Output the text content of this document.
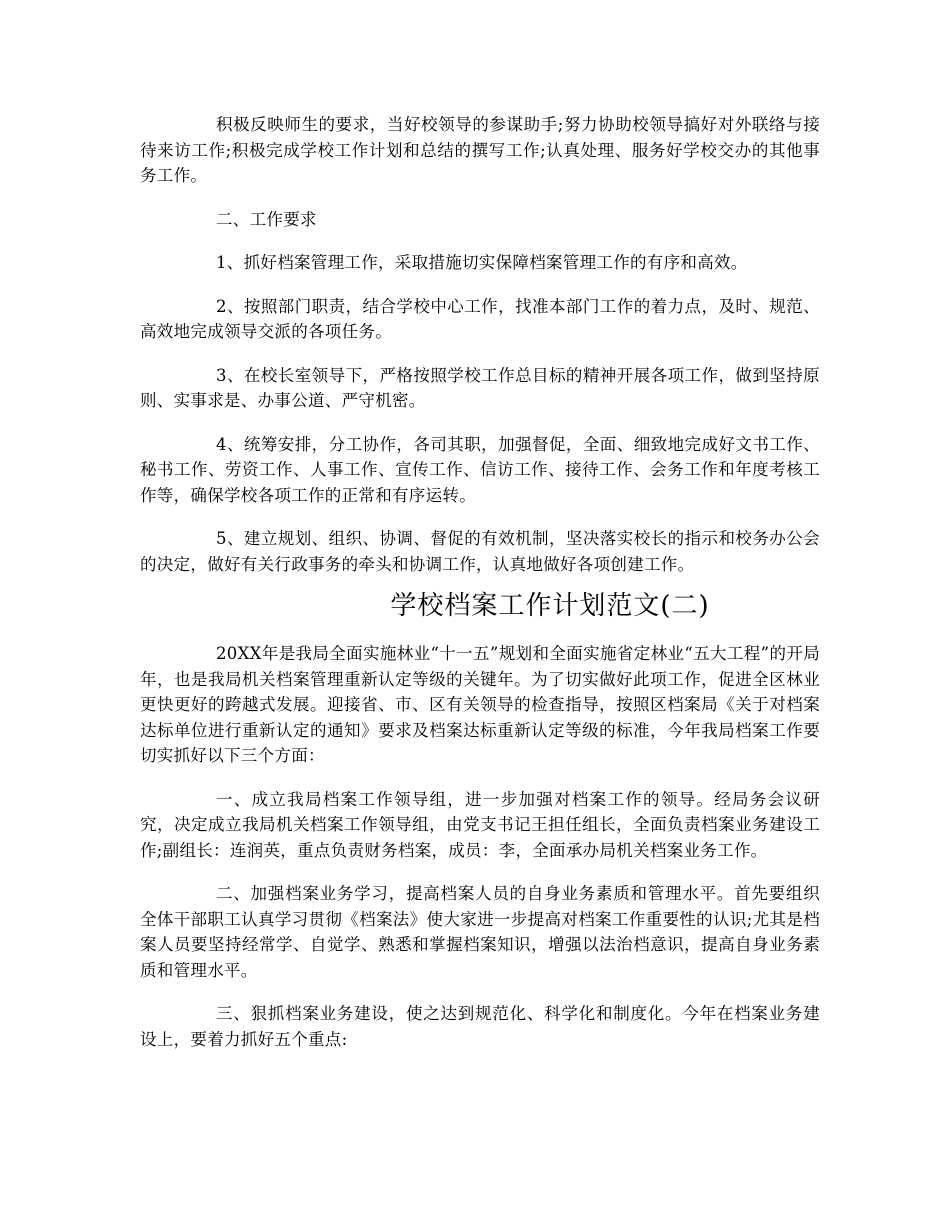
积极反映师生的要求，当好校领导的参谋助手;努力协助校领导搞好对外联络与接待来访工作;积极完成学校工作计划和总结的撰写工作;认真处理、服务好学校交办的其他事务工作。

二、工作要求

1、抓好档案管理工作，采取措施切实保障档案管理工作的有序和高效。

2、按照部门职责，结合学校中心工作，找准本部门工作的着力点，及时、规范、高效地完成领导交派的各项任务。

3、在校长室领导下，严格按照学校工作总目标的精神开展各项工作，做到坚持原则、实事求是、办事公道、严守机密。

4、统筹安排，分工协作，各司其职，加强督促，全面、细致地完成好文书工作、秘书工作、劳资工作、人事工作、宣传工作、信访工作、接待工作、会务工作和年度考核工作等，确保学校各项工作的正常和有序运转。

5、建立规划、组织、协调、督促的有效机制，坚决落实校长的指示和校务办公会的决定，做好有关行政事务的牵头和协调工作，认真地做好各项创建工作。

学校档案工作计划范文(二)

20XX年是我局全面实施林业“十一五”规划和全面实施省定林业“五大工程”的开局年，也是我局机关档案管理重新认定等级的关键年。为了切实做好此项工作，促进全区林业更快更好的跨越式发展。迎接省、市、区有关领导的检查指导，按照区档案局《关于对档案达标单位进行重新认定的通知》要求及档案达标重新认定等级的标准，今年我局档案工作要切实抓好以下三个方面：

一、成立我局档案工作领导组，进一步加强对档案工作的领导。经局务会议研究，决定成立我局机关档案工作领导组，由党支书记王担任组长，全面负责档案业务建设工作;副组长：连润英，重点负责财务档案，成员：李，全面承办局机关档案业务工作。

二、加强档案业务学习，提高档案人员的自身业务素质和管理水平。首先要组织全体干部职工认真学习贯彻《档案法》使大家进一步提高对档案工作重要性的认识;尤其是档案人员要坚持经常学、自觉学、熟悉和掌握档案知识，增强以法治档意识，提高自身业务素质和管理水平。

三、狠抓档案业务建设，使之达到规范化、科学化和制度化。今年在档案业务建设上，要着力抓好五个重点:
